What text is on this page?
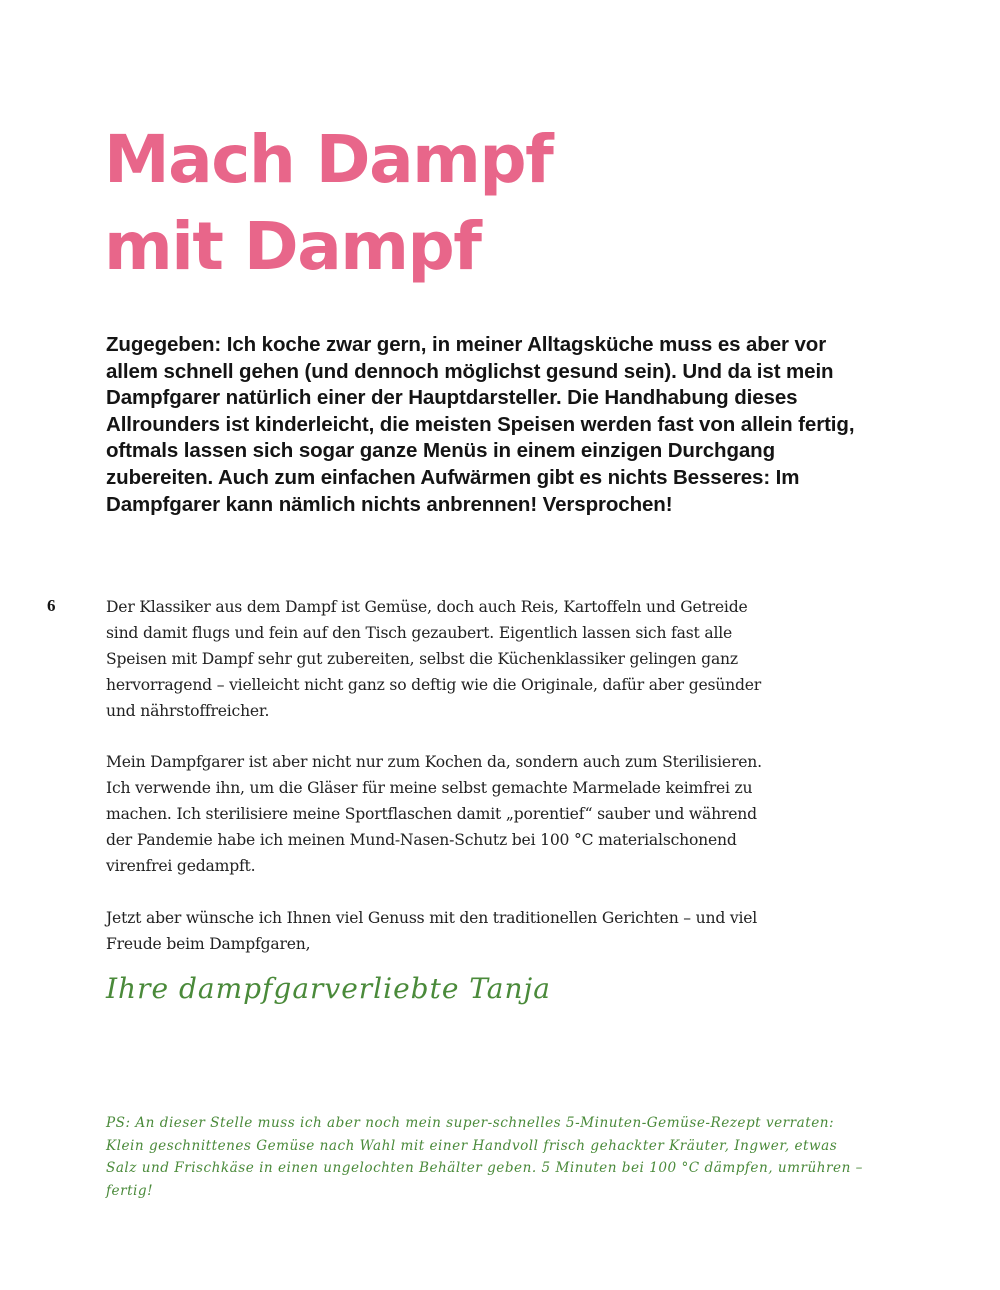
Mach Dampf
mit Dampf

Zugegeben: Ich koche zwar gern, in meiner Alltagsküche muss es aber vor allem schnell gehen (und dennoch möglichst gesund sein). Und da ist mein Dampfgarer natürlich einer der Hauptdarsteller. Die Handhabung dieses Allrounders ist kinderleicht, die meisten Speisen werden fast von allein fertig, oftmals lassen sich sogar ganze Menüs in einem einzigen Durchgang zubereiten. Auch zum einfachen Aufwärmen gibt es nichts Besseres: Im Dampfgarer kann nämlich nichts anbrennen! Versprochen!

6	Der Klassiker aus dem Dampf ist Gemüse, doch auch Reis, Kartoffeln und Getreide sind damit flugs und fein auf den Tisch gezaubert. Eigentlich lassen sich fast alle Speisen mit Dampf sehr gut zubereiten, selbst die Küchenklassiker gelingen ganz hervorragend – vielleicht nicht ganz so deftig wie die Originale, dafür aber gesünder und nährstoffreicher.

Mein Dampfgarer ist aber nicht nur zum Kochen da, sondern auch zum Sterilisieren. Ich verwende ihn, um die Gläser für meine selbst gemachte Marmelade keimfrei zu machen. Ich sterilisiere meine Sportflaschen damit „porentief“ sauber und während der Pandemie habe ich meinen Mund-Nasen-Schutz bei 100 °C materialschonend virenfrei gedampft.

Jetzt aber wünsche ich Ihnen viel Genuss mit den traditionellen Gerichten – und viel Freude beim Dampfgaren,

Ihre dampfgarverliebte Tanja

PS: An dieser Stelle muss ich aber noch mein super-schnelles 5-Minuten-Gemüse-Rezept verraten: Klein geschnittenes Gemüse nach Wahl mit einer Handvoll frisch gehackter Kräuter, Ingwer, etwas Salz und Frischkäse in einen ungelochten Behälter geben. 5 Minuten bei 100 °C dämpfen, umrühren – fertig!
